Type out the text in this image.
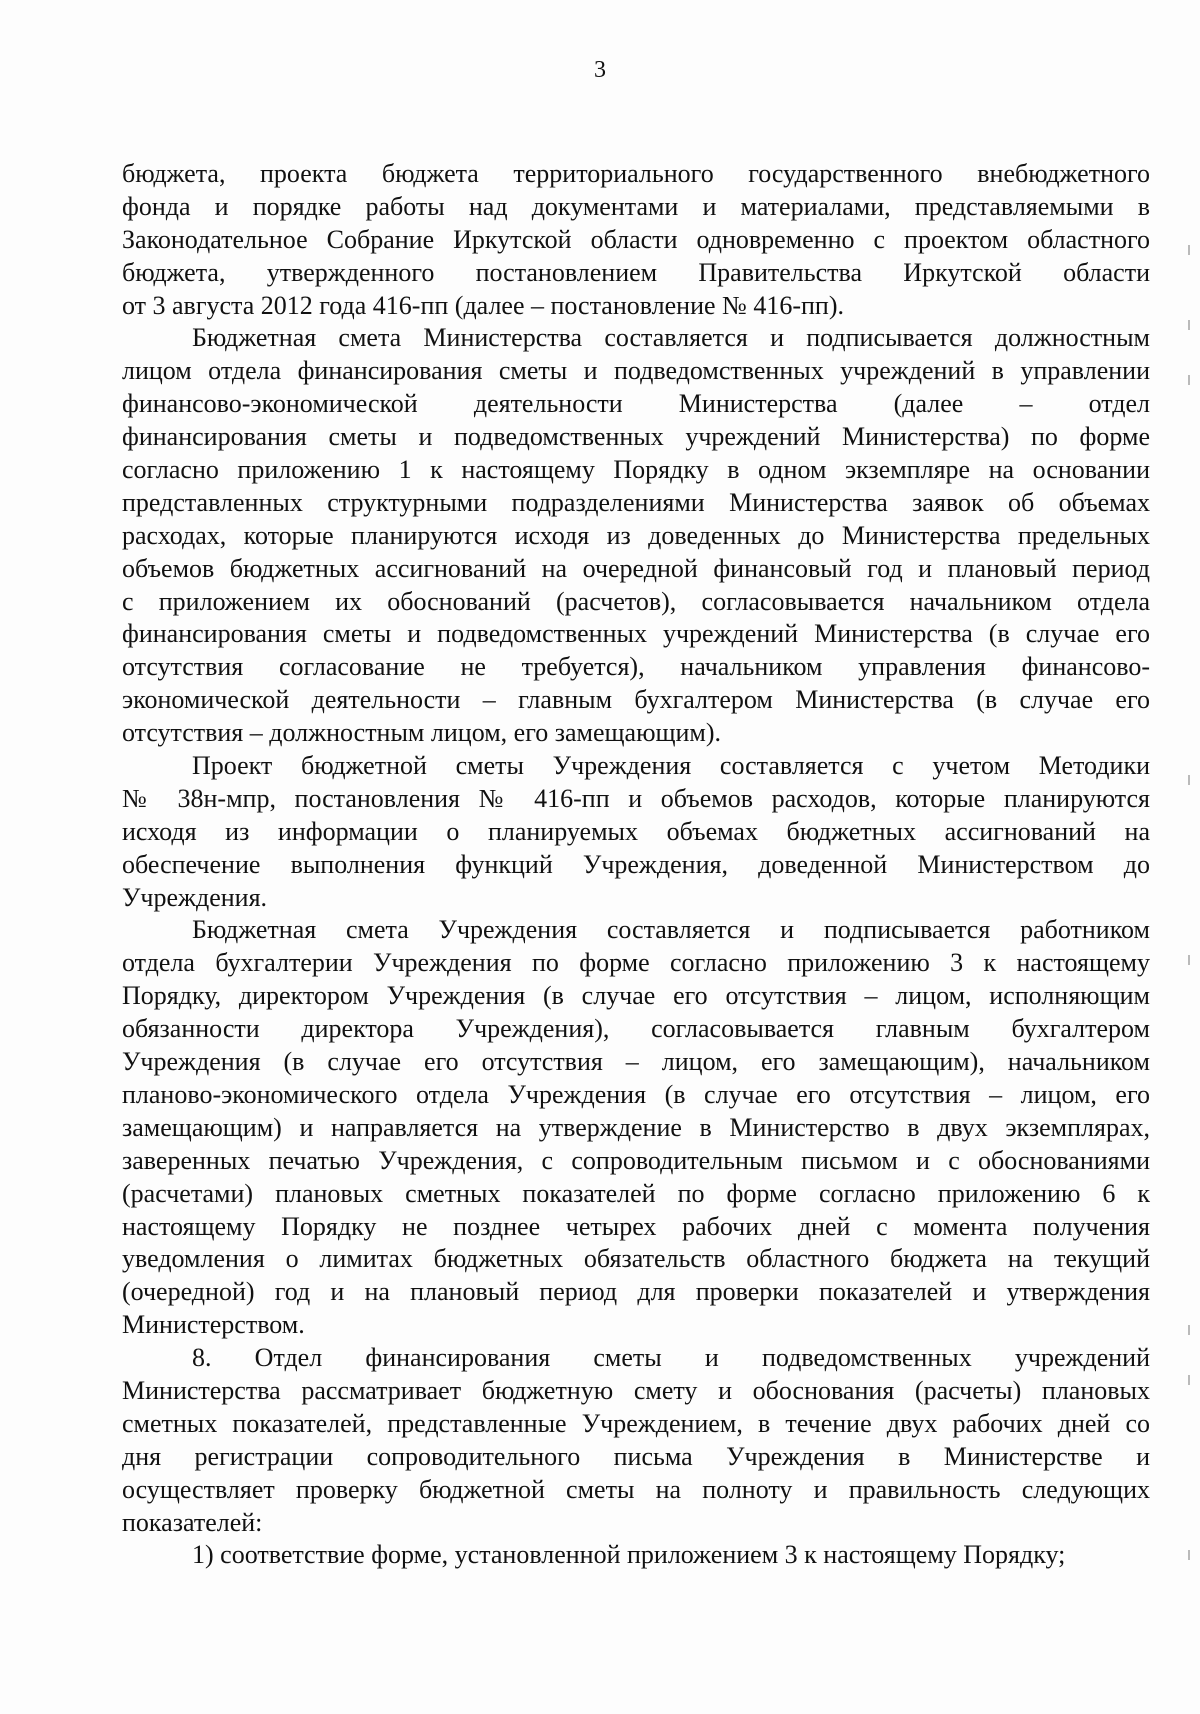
3
бюджета, проекта бюджета территориального государственного внебюджетного
фонда и порядке работы над документами и материалами, представляемыми в
Законодательное Собрание Иркутской области одновременно с проектом областного
бюджета, утвержденного постановлением Правительства Иркутской области
от 3 августа 2012 года 416-пп (далее – постановление № 416-пп).
Бюджетная смета Министерства составляется и подписывается должностным
лицом отдела финансирования сметы и подведомственных учреждений в управлении
финансово-экономической деятельности Министерства (далее – отдел
финансирования сметы и подведомственных учреждений Министерства) по форме
согласно приложению 1 к настоящему Порядку в одном экземпляре на основании
представленных структурными подразделениями Министерства заявок об объемах
расходах, которые планируются исходя из доведенных до Министерства предельных
объемов бюджетных ассигнований на очередной финансовый год и плановый период
с приложением их обоснований (расчетов), согласовывается начальником отдела
финансирования сметы и подведомственных учреждений Министерства (в случае его
отсутствия согласование не требуется), начальником управления финансово-
экономической деятельности – главным бухгалтером Министерства (в случае его
отсутствия – должностным лицом, его замещающим).
Проект бюджетной сметы Учреждения составляется с учетом Методики
№ 38н-мпр, постановления № 416-пп и объемов расходов, которые планируются
исходя из информации о планируемых объемах бюджетных ассигнований на
обеспечение выполнения функций Учреждения, доведенной Министерством до
Учреждения.
Бюджетная смета Учреждения составляется и подписывается работником
отдела бухгалтерии Учреждения по форме согласно приложению 3 к настоящему
Порядку, директором Учреждения (в случае его отсутствия – лицом, исполняющим
обязанности директора Учреждения), согласовывается главным бухгалтером
Учреждения (в случае его отсутствия – лицом, его замещающим), начальником
планово-экономического отдела Учреждения (в случае его отсутствия – лицом, его
замещающим) и направляется на утверждение в Министерство в двух экземплярах,
заверенных печатью Учреждения, с сопроводительным письмом и с обоснованиями
(расчетами) плановых сметных показателей по форме согласно приложению 6 к
настоящему Порядку не позднее четырех рабочих дней с момента получения
уведомления о лимитах бюджетных обязательств областного бюджета на текущий
(очередной) год и на плановый период для проверки показателей и утверждения
Министерством.
8. Отдел финансирования сметы и подведомственных учреждений
Министерства рассматривает бюджетную смету и обоснования (расчеты) плановых
сметных показателей, представленные Учреждением, в течение двух рабочих дней со
дня регистрации сопроводительного письма Учреждения в Министерстве и
осуществляет проверку бюджетной сметы на полноту и правильность следующих
показателей:
1) соответствие форме, установленной приложением 3 к настоящему Порядку;
